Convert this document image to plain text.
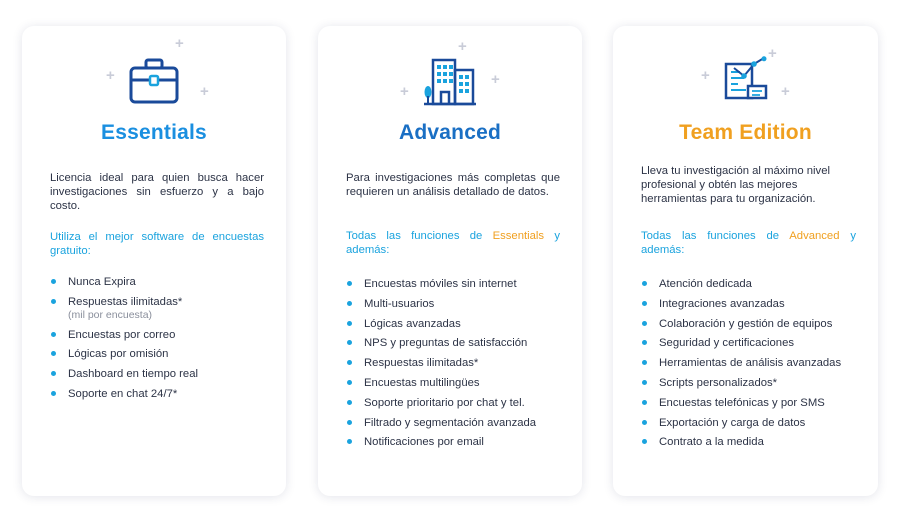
+
+
+
Essentials

Licencia ideal para quien busca hacer investigaciones sin esfuerzo y a bajo costo.

Utiliza el mejor software de encuestas gratuito:

Nunca Expira
Respuestas ilimitadas*
(mil por encuesta)
Encuestas por correo
Lógicas por omisión
Dashboard en tiempo real
Soporte en chat 24/7*
+
+
+
Advanced

Para investigaciones más completas que requieren un análisis detallado de datos.

Todas las funciones de Essentials y además:

Encuestas móviles sin internet
Multi-usuarios
Lógicas avanzadas
NPS y preguntas de satisfacción
Respuestas ilimitadas*
Encuestas multilingües
Soporte prioritario por chat y tel.
Filtrado y segmentación avanzada
Notificaciones por email
+
+
+
Team Edition

Lleva tu investigación al máximo nivel profesional y obtén las mejores herramientas para tu organización.

Todas las funciones de Advanced y además:

Atención dedicada
Integraciones avanzadas
Colaboración y gestión de equipos
Seguridad y certificaciones
Herramientas de análisis avanzadas
Scripts personalizados*
Encuestas telefónicas y por SMS
Exportación y carga de datos
Contrato a la medida
